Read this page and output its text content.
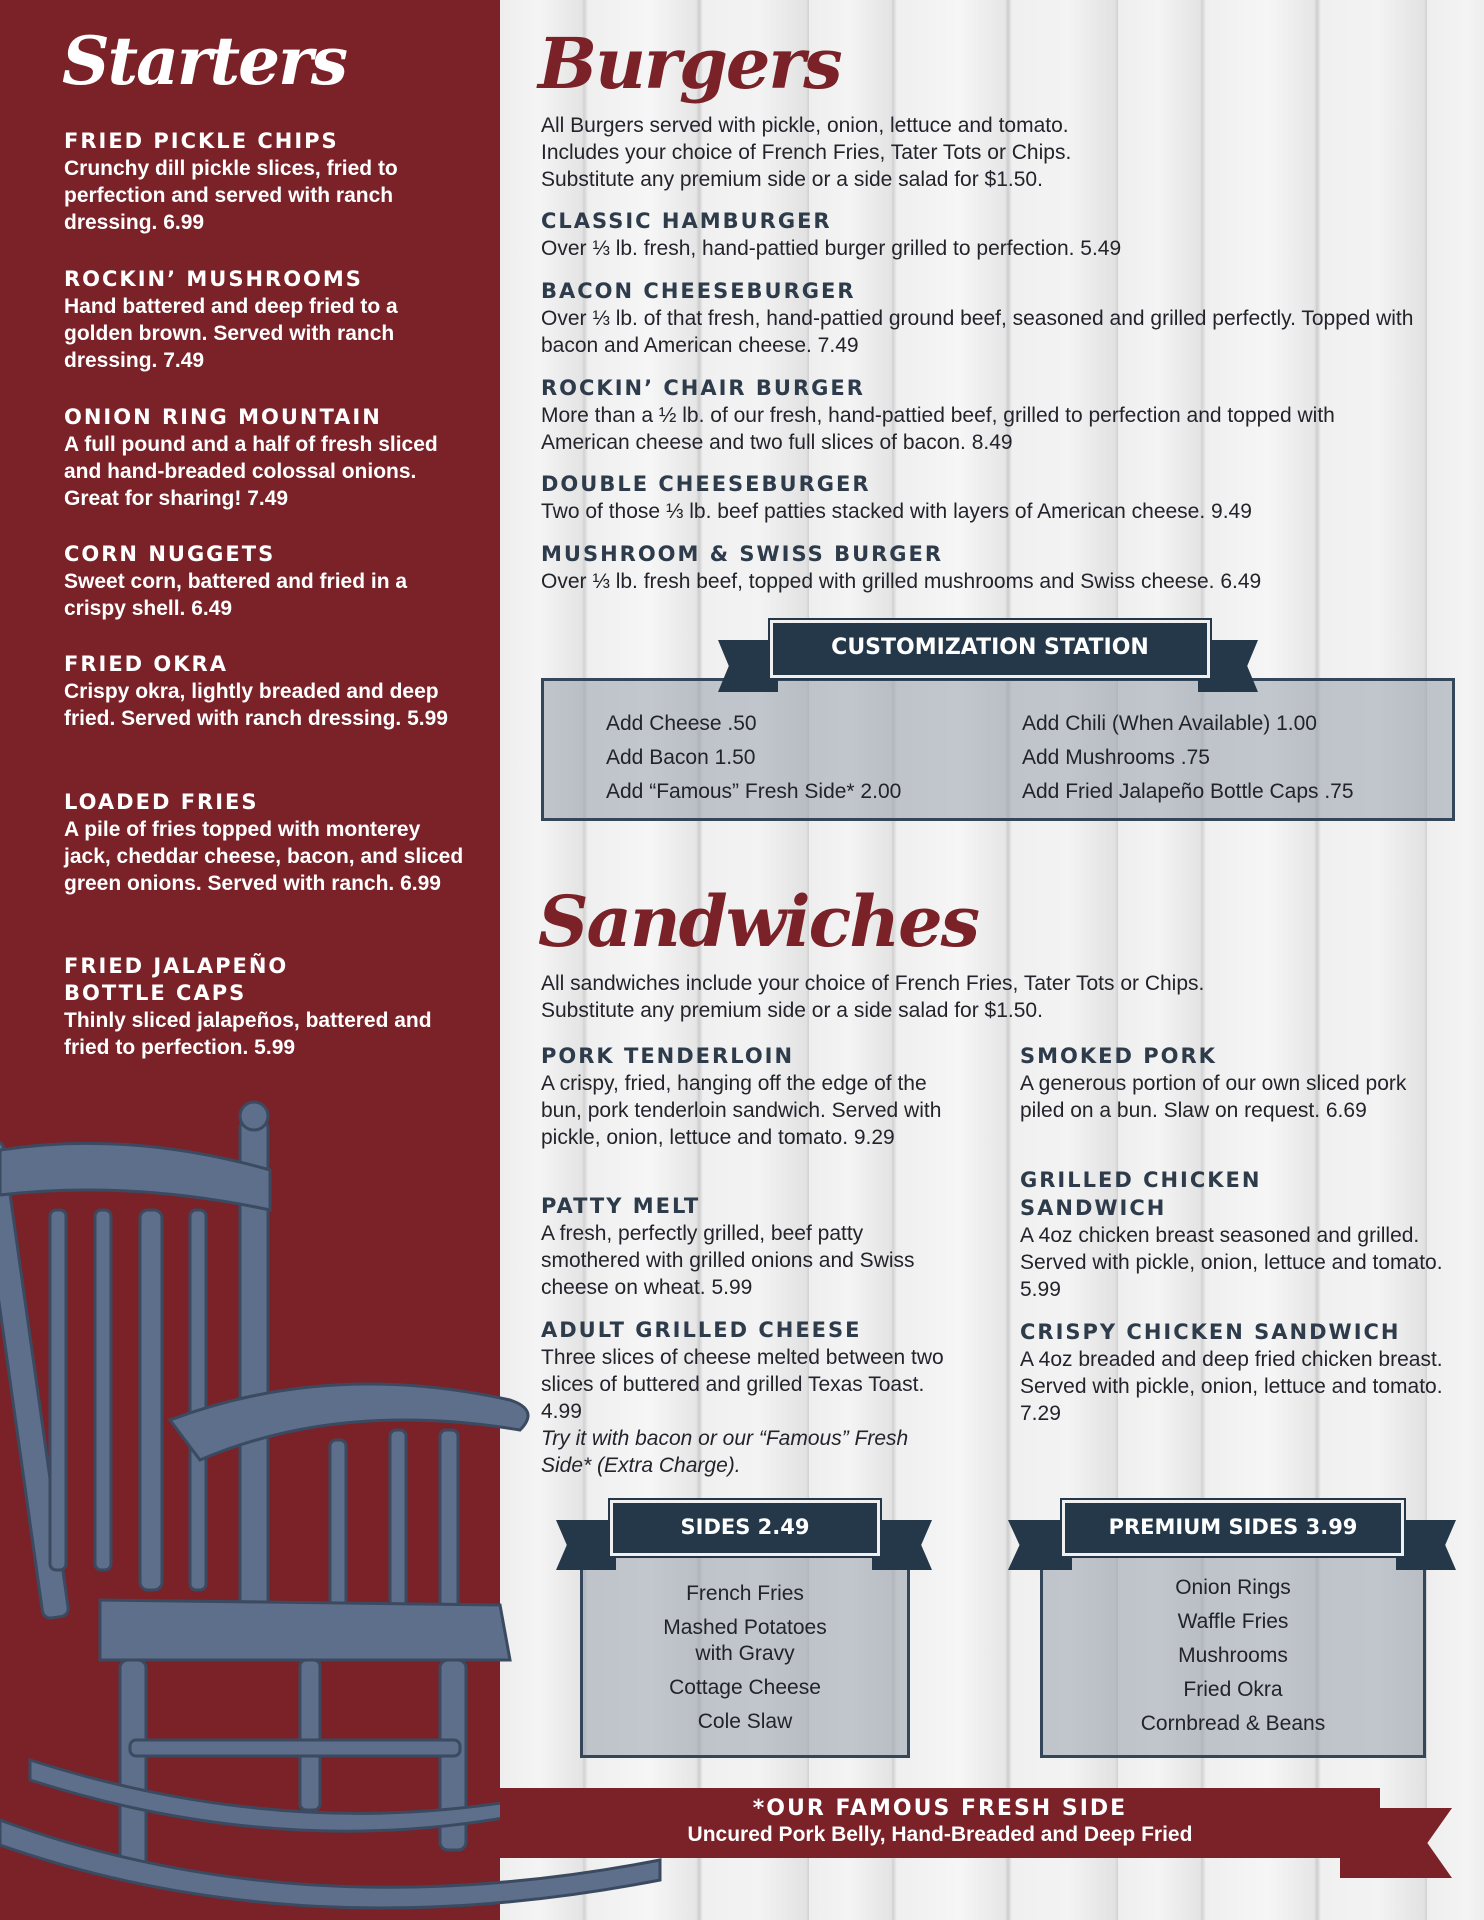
Starters
FRIED PICKLE CHIPS
Crunchy dill pickle slices, fried to perfection and served with ranch dressing. 6.99
ROCKIN’ MUSHROOMS
Hand battered and deep fried to a golden brown. Served with ranch dressing. 7.49
ONION RING MOUNTAIN
A full pound and a half of fresh sliced and hand-breaded colossal onions. Great for sharing! 7.49
CORN NUGGETS
Sweet corn, battered and fried in a crispy shell. 6.49
FRIED OKRA
Crispy okra, lightly breaded and deep fried. Served with ranch dressing. 5.99
LOADED FRIES
A pile of fries topped with monterey jack, cheddar cheese, bacon, and sliced green onions. Served with ranch. 6.99
FRIED JALAPEÑO BOTTLE CAPS
Thinly sliced jalapeños, battered and fried to perfection. 5.99
Burgers
All Burgers served with pickle, onion, lettuce and tomato.
Includes your choice of French Fries, Tater Tots or Chips.
Substitute any premium side or a side salad for $1.50.
CLASSIC HAMBURGER
Over ⅓ lb. fresh, hand-pattied burger grilled to perfection. 5.49
BACON CHEESEBURGER
Over ⅓ lb. of that fresh, hand-pattied ground beef, seasoned and grilled perfectly. Topped with bacon and American cheese. 7.49
ROCKIN’ CHAIR BURGER
More than a ½ lb. of our fresh, hand-pattied beef, grilled to perfection and topped with American cheese and two full slices of bacon. 8.49
DOUBLE CHEESEBURGER
Two of those ⅓ lb. beef patties stacked with layers of American cheese. 9.49
MUSHROOM & SWISS BURGER
Over ⅓ lb. fresh beef, topped with grilled mushrooms and Swiss cheese. 6.49
Add Cheese .50
Add Bacon 1.50
Add “Famous” Fresh Side* 2.00
Add Chili (When Available) 1.00
Add Mushrooms .75
Add Fried Jalapeño Bottle Caps .75
CUSTOMIZATION STATION
Sandwiches
All sandwiches include your choice of French Fries, Tater Tots or Chips.
Substitute any premium side or a side salad for $1.50.
PORK TENDERLOIN
A crispy, fried, hanging off the edge of the bun, pork tenderloin sandwich. Served with pickle, onion, lettuce and tomato. 9.29
PATTY MELT
A fresh, perfectly grilled, beef patty smothered with grilled onions and Swiss cheese on wheat. 5.99
ADULT GRILLED CHEESE
Three slices of cheese melted between two slices of buttered and grilled Texas Toast. 4.99
Try it with bacon or our “Famous” Fresh Side* (Extra Charge).
SMOKED PORK
A generous portion of our own sliced pork piled on a bun. Slaw on request. 6.69
GRILLED CHICKEN SANDWICH
A 4oz chicken breast seasoned and grilled. Served with pickle, onion, lettuce and tomato. 5.99
CRISPY CHICKEN SANDWICH
A 4oz breaded and deep fried chicken breast. Served with pickle, onion, lettuce and tomato. 7.29
French Fries
Mashed Potatoes with Gravy
Cottage Cheese
Cole Slaw
SIDES 2.49
Onion Rings
Waffle Fries
Mushrooms
Fried Okra
Cornbread & Beans
PREMIUM SIDES 3.99
*OUR FAMOUS FRESH SIDE
Uncured Pork Belly, Hand-Breaded and Deep Fried
